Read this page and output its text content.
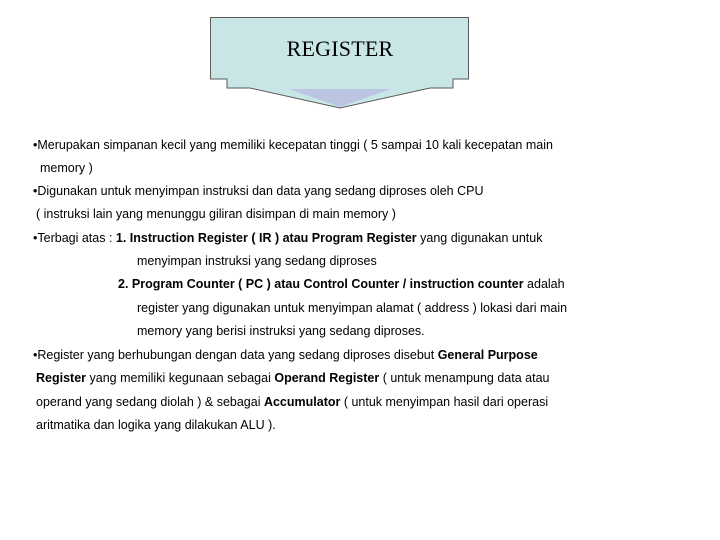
REGISTER
•Merupakan simpanan kecil yang memiliki kecepatan tinggi ( 5 sampai 10 kali kecepatan main
memory )
•Digunakan untuk menyimpan instruksi dan data yang sedang diproses oleh CPU
( instruksi lain yang menunggu giliran disimpan di main memory )
•Terbagi atas : 1. Instruction Register ( IR ) atau Program Register yang digunakan untuk
menyimpan instruksi yang sedang diproses
2. Program Counter ( PC ) atau Control Counter / instruction counter adalah
register yang digunakan untuk menyimpan alamat ( address ) lokasi dari main
memory yang berisi instruksi yang sedang diproses.
•Register yang berhubungan dengan data yang sedang diproses disebut General Purpose
Register yang memiliki kegunaan sebagai Operand Register ( untuk menampung data atau
operand yang sedang diolah ) & sebagai Accumulator ( untuk menyimpan hasil dari operasi
aritmatika dan logika yang dilakukan ALU ).
